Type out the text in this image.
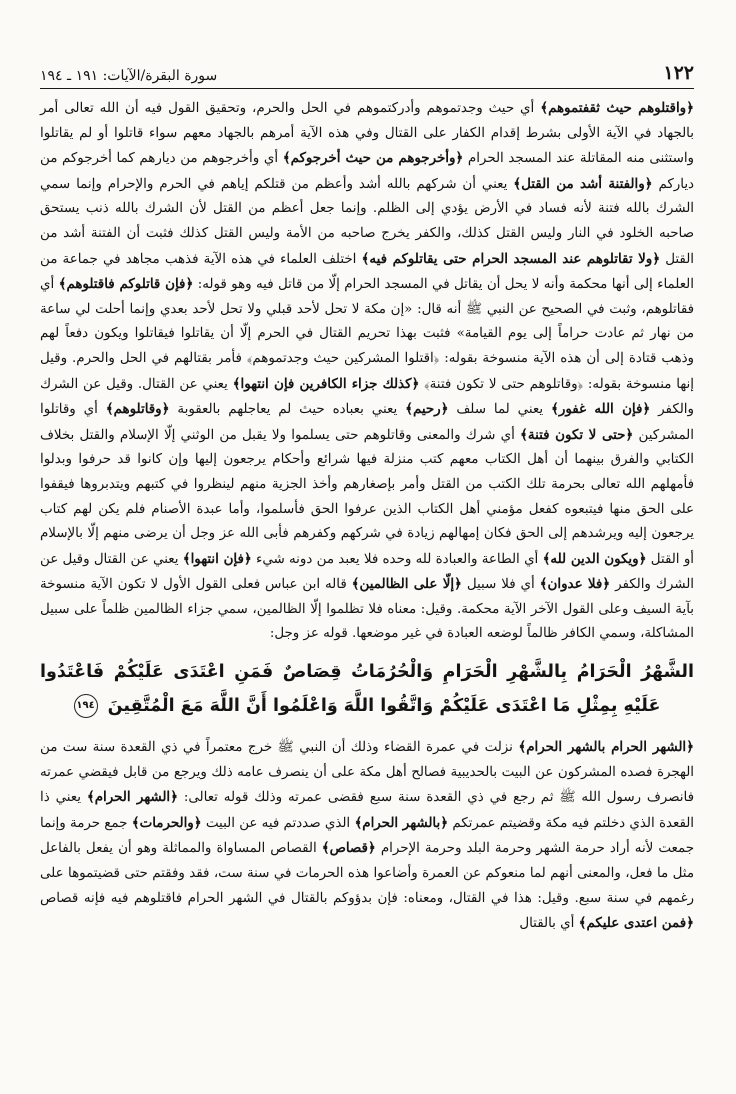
١٢٢
سورة البقرة/الآيات: ١٩١ ـ ١٩٤

﴿واقتلوهم حيث ثقفتموهم﴾ أي حيث وجدتموهم وأدركتموهم في الحل والحرم، وتحقيق القول فيه أن الله تعالى أمر بالجهاد في الآية الأولى بشرط إقدام الكفار على القتال وفي هذه الآية أمرهم بالجهاد معهم سواء قاتلوا أو لم يقاتلوا واستثنى منه المقاتلة عند المسجد الحرام ﴿وأخرجوهم من حيث أخرجوكم﴾ أي وأخرجوهم من ديارهم كما أخرجوكم من دياركم ﴿والفتنة أشد من القتل﴾ يعني أن شركهم بالله أشد وأعظم من قتلكم إياهم في الحرم والإحرام وإنما سمي الشرك بالله فتنة لأنه فساد في الأرض يؤدي إلى الظلم. وإنما جعل أعظم من القتل لأن الشرك بالله ذنب يستحق صاحبه الخلود في النار وليس القتل كذلك، والكفر يخرج صاحبه من الأمة وليس القتل كذلك فثبت أن الفتنة أشد من القتل ﴿ولا تقاتلوهم عند المسجد الحرام حتى يقاتلوكم فيه﴾ اختلف العلماء في هذه الآية فذهب مجاهد في جماعة من العلماء إلى أنها محكمة وأنه لا يحل أن يقاتل في المسجد الحرام إلّا من قاتل فيه وهو قوله: ﴿فإن قاتلوكم فاقتلوهم﴾ أي فقاتلوهم، وثبت في الصحيح عن النبي ﷺ أنه قال: «إن مكة لا تحل لأحد قبلي ولا تحل لأحد بعدي وإنما أحلت لي ساعة من نهار ثم عادت حراماً إلى يوم القيامة» فثبت بهذا تحريم القتال في الحرم إلّا أن يقاتلوا فيقاتلوا ويكون دفعاً لهم وذهب قتادة إلى أن هذه الآية منسوخة بقوله: ﴿اقتلوا المشركين حيث وجدتموهم﴾ فأمر بقتالهم في الحل والحرم. وقيل إنها منسوخة بقوله: ﴿وقاتلوهم حتى لا تكون فتنة﴾ ﴿كذلك جزاء الكافرين فإن انتهوا﴾ يعني عن القتال. وقيل عن الشرك والكفر ﴿فإن الله غفور﴾ يعني لما سلف ﴿رحيم﴾ يعني بعباده حيث لم يعاجلهم بالعقوبة ﴿وقاتلوهم﴾ أي وقاتلوا المشركين ﴿حتى لا تكون فتنة﴾ أي شرك والمعنى وقاتلوهم حتى يسلموا ولا يقبل من الوثني إلّا الإسلام والقتل بخلاف الكتابي والفرق بينهما أن أهل الكتاب معهم كتب منزلة فيها شرائع وأحكام يرجعون إليها وإن كانوا قد حرفوا وبدلوا فأمهلهم الله تعالى بحرمة تلك الكتب من القتل وأمر بإصغارهم وأخذ الجزية منهم لينظروا في كتبهم ويتدبروها فيقفوا على الحق منها فيتبعوه كفعل مؤمني أهل الكتاب الذين عرفوا الحق فأسلموا، وأما عبدة الأصنام فلم يكن لهم كتاب يرجعون إليه ويرشدهم إلى الحق فكان إمهالهم زيادة في شركهم وكفرهم فأبى الله عز وجل أن يرضى منهم إلّا بالإسلام أو القتل ﴿ويكون الدين لله﴾ أي الطاعة والعبادة لله وحده فلا يعبد من دونه شيء ﴿فإن انتهوا﴾ يعني عن القتال وقيل عن الشرك والكفر ﴿فلا عدوان﴾ أي فلا سبيل ﴿إلّا على الظالمين﴾ قاله ابن عباس فعلى القول الأول لا تكون الآية منسوخة بآية السيف وعلى القول الآخر الآية محكمة. وقيل: معناه فلا تظلموا إلّا الظالمين، سمي جزاء الظالمين ظلماً على سبيل المشاكلة، وسمي الكافر ظالماً لوضعه العبادة في غير موضعها. قوله عز وجل:

الشَّهْرُ الْحَرَامُ بِالشَّهْرِ الْحَرَامِ وَالْحُرُمَاتُ قِصَاصٌ فَمَنِ اعْتَدَى عَلَيْكُمْ فَاعْتَدُوا عَلَيْهِ بِمِثْلِ مَا اعْتَدَى عَلَيْكُمْ وَاتَّقُوا اللَّهَ وَاعْلَمُوا أَنَّ اللَّهَ مَعَ الْمُتَّقِينَ ١٩٤

﴿الشهر الحرام بالشهر الحرام﴾ نزلت في عمرة القضاء وذلك أن النبي ﷺ خرج معتمراً في ذي القعدة سنة ست من الهجرة فصده المشركون عن البيت بالحديبية فصالح أهل مكة على أن ينصرف عامه ذلك ويرجع من قابل فيقضي عمرته فانصرف رسول الله ﷺ ثم رجع في ذي القعدة سنة سبع فقضى عمرته وذلك قوله تعالى: ﴿الشهر الحرام﴾ يعني ذا القعدة الذي دخلتم فيه مكة وقضيتم عمرتكم ﴿بالشهر الحرام﴾ الذي صددتم فيه عن البيت ﴿والحرمات﴾ جمع حرمة وإنما جمعت لأنه أراد حرمة الشهر وحرمة البلد وحرمة الإحرام ﴿قصاص﴾ القصاص المساواة والمماثلة وهو أن يفعل بالفاعل مثل ما فعل، والمعنى أنهم لما منعوكم عن العمرة وأضاعوا هذه الحرمات في سنة ست، فقد وفقتم حتى قضيتموها على رغمهم في سنة سبع. وقيل: هذا في القتال، ومعناه: فإن بدؤوكم بالقتال في الشهر الحرام فاقتلوهم فيه فإنه قصاص ﴿فمن اعتدى عليكم﴾ أي بالقتال
